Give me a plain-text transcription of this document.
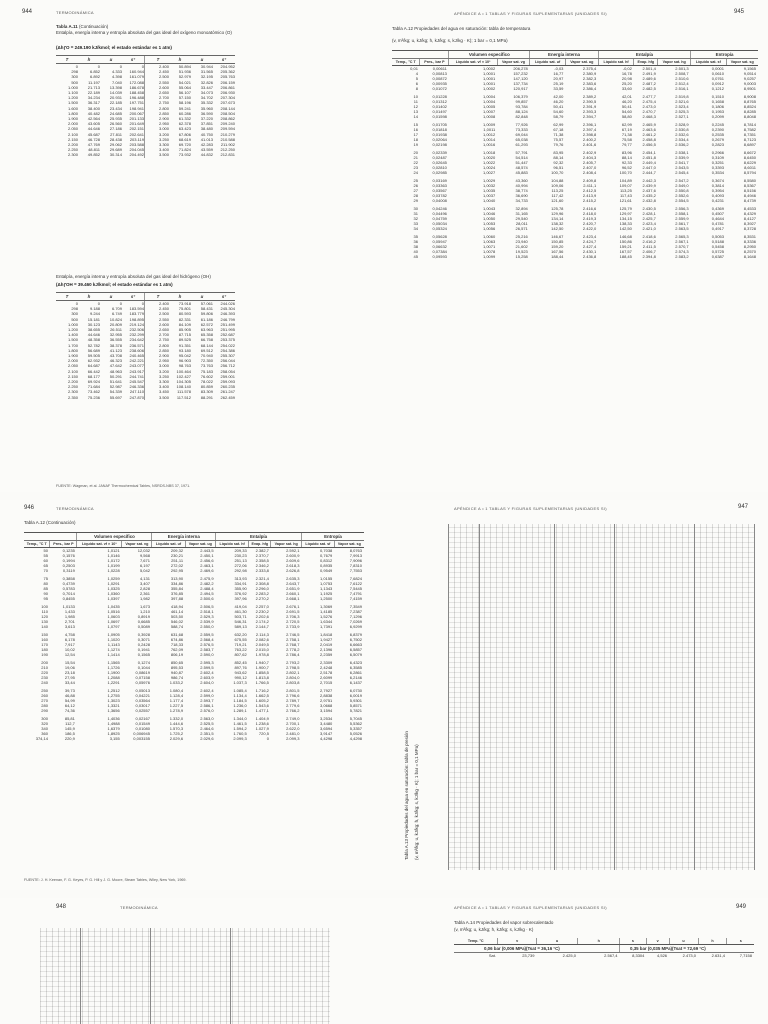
944	TERMODINÁMICA
Tabla A.11 (Continuación)
Entalpía, energía interna y entropía absoluta del gas ideal del oxígeno monoatómico (O)
(ΔhƒO = 249.190 kJ/kmol; el estado estándar es 1 atm)
T	h	u	s°	T	h	u	s°
0	0	0	0	2.400	50.894	30.944	204.952
298	6.852	4.333	160.944	2.450	51.936	31.565	205.362
300	6.892	4.398	161.079	2.500	52.979	32.195	205.763
500	11.197	7.040	172.088	2.550	54.021	32.826	206.159
1.000	21.713	13.398	186.678	2.600	55.064	33.447	206.861
1.100	22.189	14.039	188.458	2.650	56.107	34.073	206.930
1.200	34.234	20.931	196.488	2.700	57.150	34.702	207.304
1.500	36.317	22.185	197.751	2.750	58.196	35.332	207.673
1.600	38.400	23.434	198.941	2.800	59.241	35.960	208.144
1.800	40.482	24.685	200.067	2.850	60.286	36.590	208.504
1.900	42.564	25.935	201.133	2.900	61.332	37.220	208.862
2.000	43.605	26.560	201.649	2.950	62.378	37.851	209.240
2.050	44.646	27.186	202.151	3.000	63.423	38.480	209.594
2.100	45.687	27.811	202.641	3.200	67.806	40.750	210.279
2.150	46.728	28.438	203.119	3.250	68.619	41.013	210.588
2.200	47.769	29.062	203.588	3.300	69.720	42.283	211.902
2.250	48.811	29.689	204.045	3.400	71.824	43.559	212.250
2.300	49.852	30.314	204.492	3.500	73.932	44.832	212.831
Entalpía, energía interna y entropía absoluta del gas ideal del hidrógeno (OH)
(ΔhƒOH = 39.460 kJ/kmol; el estado estándar es 1 atm)
T	h	u	s°	T	h	u	s°
0	0	0	0	2.400	73.918	57.061	244.026
298	9.188	6.709	183.594	2.450	75.801	58.431	245.304
300	9.244	6.749	183.779	2.500	80.593	59.806	246.393
500	15.181	10.824	198.895	2.550	82.331	61.186	246.799
1.000	30.123	20.809	219.124	2.600	84.109	62.572	251.499
1.200	38.655	26.511	232.506	2.650	85.905	63.963	251.995
1.400	44.646	32.955	232.299	2.700	87.715	65.358	252.687
1.500	48.358	36.555	234.642	2.750	89.525	66.758	253.375
1.700	52.782	38.378	236.571	2.800	91.351	68.144	254.022
1.800	56.689	41.123	238.606	2.850	93.180	69.512	254.386
1.900	59.505	43.708	240.465	2.900	95.042	70.940	255.307
2.000	62.932	46.323	242.221	2.950	96.903	72.350	256.044
2.050	64.687	47.642	243.077	3.000	98.763	73.763	256.712
2.100	66.442	48.963	243.917	3.200	100.464	75.183	258.054
2.150	68.177	50.291	244.741	3.250	102.427	76.602	259.001
2.200	69.924	51.641	245.547	3.300	104.305	78.022	259.093
2.250	71.684	52.987	246.336	3.400	108.140	80.859	260.235
2.300	73.462	54.339	247.110	3.450	111.578	83.309	261.247
2.350	75.236	55.697	247.870	3.500	117.512	88.291	262.459
FUENTE: Wagman, et al. JANAF Thermochemical Tables, NSRDS-NBS 37, 1971.
APÉNDICE A • 1 TABLAS Y FIGURAS SUPLEMENTARIAS (UNIDADES SI)	945
Tabla A.12 Propiedades del agua en saturación: tabla de temperatura
(v, m³/kg; u, kJ/kg; h, kJ/kg; s, kJ/kg · K); 1 bar = 0,1 MPa)
		Volumen específico		Energía interna		Entalpía			Entropía	
Temp., °C T	Pres., bar P	Líquido sat. vf × 10³	Vapor sat. vg	Líquido sat. uf	Vapor sat. ug	Líquido sat. hf	Evap. hfg	Vapor sat. hg	Líquido sat. sf	Vapor sat. sg
0,01	0,00611	1,0002	206,278	-0,03	2.375,4	-0,02	2.501,4	2.501,3	0,0001	9,1565
4	0,00813	1,0001	157,232	16,77	2.380,9	16,78	2.491,9	2.508,7	0,0610	9,0514
5	0,00872	1,0001	147,120	20,97	2.382,3	20,98	2.489,6	2.510,6	0,0761	9,0257
6	0,00935	1,0001	137,734	25,19	2.383,6	25,20	2.487,2	2.512,4	0,0912	9,0003
8	0,01072	1,0002	120,917	33,59	2.386,4	33,60	2.482,5	2.516,1	0,1212	8,9501
10	0,01228	1,0004	106,379	42,00	2.389,2	42,01	2.477,7	2.519,8	0,1510	8,9008
11	0,01312	1,0004	99,857	46,20	2.390,5	46,20	2.475,4	2.521,6	0,1658	8,8765
12	0,01402	1,0005	93,784	50,41	2.391,9	50,41	2.473,0	2.523,4	0,1806	8,8524
13	0,01497	1,0007	88,124	54,60	2.393,3	54,60	2.470,7	2.525,3	0,1953	8,8285
14	0,01598	1,0008	82,848	58,79	2.394,7	58,80	2.468,3	2.527,1	0,2099	8,8048
15	0,01705	1,0009	77,926	62,99	2.396,1	62,99	2.465,9	2.528,9	0,2245	8,7814
16	0,01818	1,0011	73,333	67,18	2.397,4	67,19	2.463,6	2.530,8	0,2390	8,7582
17	0,01938	1,0012	69,044	71,38	2.398,8	71,38	2.461,2	2.532,6	0,2535	8,7351
18	0,02064	1,0014	65,038	75,57	2.400,2	75,58	2.458,8	2.534,4	0,2679	8,7123
19	0,02198	1,0016	61,293	79,76	2.401,6	79,77	2.456,5	2.536,2	0,2823	8,6897
20	0,02339	1,0018	57,791	83,95	2.402,9	83,96	2.454,1	2.538,1	0,2966	8,6672
21	0,02487	1,0020	54,514	88,14	2.404,3	88,14	2.451,8	2.539,9	0,3109	8,6450
22	0,02645	1,0022	51,447	92,32	2.405,7	92,33	2.449,4	2.541,7	0,3251	8,6229
23	0,02810	1,0024	48,574	96,51	2.407,0	96,52	2.447,0	2.543,5	0,3393	8,6011
24	0,02985	1,0027	45,883	100,70	2.408,4	100,70	2.444,7	2.545,4	0,3534	8,5794
25	0,03169	1,0029	43,360	104,88	2.409,8	104,89	2.442,3	2.547,2	0,3674	8,5580
26	0,03363	1,0032	40,994	109,06	2.411,1	109,07	2.439,9	2.549,0	0,3814	8,5367
27	0,03567	1,0035	38,774	113,25	2.412,5	113,25	2.437,6	2.550,8	0,3954	8,5156
28	0,03782	1,0037	36,690	117,42	2.413,9	117,43	2.435,2	2.552,6	0,4093	8,4946
29	0,04008	1,0040	34,733	121,60	2.415,2	121,61	2.432,8	2.554,5	0,4231	8,4739
30	0,04246	1,0043	32,894	125,78	2.416,6	125,79	2.430,5	2.556,3	0,4369	8,4533
31	0,04496	1,0046	31,165	129,96	2.418,0	129,97	2.428,1	2.558,1	0,4507	8,4329
32	0,04759	1,0050	29,540	134,14	2.419,3	134,15	2.425,7	2.559,9	0,4644	8,4127
33	0,05034	1,0053	28,011	138,32	2.420,7	138,33	2.423,4	2.561,7	0,4781	8,3927
34	0,05324	1,0056	26,571	142,50	2.422,0	142,50	2.421,0	2.563,5	0,4917	8,3728
35	0,05628	1,0060	25,216	146,67	2.423,4	146,68	2.418,6	2.565,3	0,5053	8,3531
36	0,05947	1,0063	23,940	150,85	2.424,7	150,86	2.416,2	2.567,1	0,5188	8,3336
38	0,06632	1,0071	21,602	159,20	2.427,4	159,21	2.411,5	2.570,7	0,5458	8,2950
40	0,07384	1,0078	19,523	167,56	2.430,1	167,57	2.406,7	2.574,3	0,5725	8,2570
45	0,09593	1,0099	15,258	188,44	2.436,8	188,45	2.394,8	2.583,2	0,6387	8,1648
946	TERMODINÁMICA
Tabla A.12 (Continuación)
		Volumen específico		Energía interna		Entalpía			Entropía	
Temp., °C T	Pres., bar P	Líquido sat. vf × 10³	Vapor sat. vg	Líquido sat. uf	Vapor sat. ug	Líquido sat. hf	Evap. hfg	Vapor sat. hg	Líquido sat. sf	Vapor sat. sg
50	0,1235	1,0121	12,032	209,32	2.443,5	209,33	2.382,7	2.592,1	0,7038	8,0763
55	0,1576	1,0146	9,568	230,21	2.450,1	230,23	2.370,7	2.600,9	0,7679	7,9913
60	0,1994	1,0172	7,671	251,11	2.456,6	251,13	2.358,5	2.609,6	0,8312	7,9096
65	0,2503	1,0199	6,197	272,02	2.463,1	272,06	2.346,2	2.618,3	0,8935	7,8310
70	0,3119	1,0228	5,042	292,95	2.469,6	292,98	2.333,8	2.626,8	0,9549	7,7553
75	0,3858	1,0259	4,131	313,90	2.475,9	313,93	2.321,4	2.635,3	1,0155	7,6824
80	0,4739	1,0291	3,407	334,86	2.482,2	334,91	2.308,8	2.643,7	1,0753	7,6122
85	0,5783	1,0325	2,828	355,84	2.488,4	355,90	2.296,0	2.651,9	1,1343	7,5445
90	0,7014	1,0360	2,361	376,85	2.494,5	376,92	2.283,2	2.660,1	1,1925	7,4791
95	0,8455	1,0397	1,982	397,88	2.500,6	397,96	2.270,2	2.668,1	1,2500	7,4159
100	1,0133	1,0435	1,673	418,94	2.506,5	419,04	2.257,0	2.676,1	1,3069	7,3549
110	1,433	1,0516	1,210	461,14	2.518,1	461,30	2.230,2	2.691,5	1,4185	7,2387
120	1,985	1,0603	0,8919	503,50	2.529,3	503,71	2.202,6	2.706,3	1,5276	7,1296
130	2,701	1,0697	0,6685	546,02	2.539,9	546,31	2.174,2	2.720,5	1,6344	7,0269
140	3,613	1,0797	0,5089	588,74	2.550,0	589,13	2.144,7	2.733,9	1,7391	6,9299
150	4,758	1,0905	0,3928	631,68	2.559,5	632,20	2.114,3	2.746,5	1,8418	6,8379
160	6,178	1,1020	0,3071	674,86	2.568,4	675,55	2.082,6	2.758,1	1,9427	6,7502
170	7,917	1,1143	0,2428	718,33	2.576,5	719,21	2.049,5	2.768,7	2,0419	6,6663
180	10,02	1,1274	0,1941	762,09	2.583,7	763,22	2.015,0	2.778,2	2,1396	6,5857
190	12,54	1,1414	0,1565	806,19	2.590,0	807,62	1.978,8	2.786,4	2,2359	6,5079
200	15,54	1,1565	0,1274	850,65	2.595,3	852,45	1.940,7	2.793,2	2,3309	6,4323
210	19,06	1,1726	0,1044	895,53	2.599,5	897,76	1.900,7	2.798,5	2,4248	6,3585
220	23,18	1,1900	0,08619	940,87	2.602,4	943,62	1.858,5	2.802,1	2,5178	6,2861
230	27,95	1,2088	0,07158	986,74	2.603,9	990,12	1.813,8	2.804,0	2,6099	6,2146
240	33,44	1,2291	0,05976	1.033,2	2.604,0	1.037,3	1.766,5	2.803,8	2,7015	6,1437
250	39,73	1,2512	0,05013	1.080,4	2.602,4	1.085,4	1.716,2	2.801,5	2,7927	6,0730
260	46,88	1,2755	0,04221	1.128,4	2.599,0	1.134,4	1.662,5	2.796,6	2,8838	6,0019
270	54,99	1,3023	0,03564	1.177,4	2.593,7	1.184,5	1.605,2	2.789,7	2,9751	5,9301
280	64,12	1,3321	0,03017	1.227,5	2.586,1	1.236,0	1.543,6	2.779,6	3,0668	5,8571
290	74,36	1,3656	0,02557	1.278,9	2.576,0	1.289,1	1.477,1	2.766,2	3,1594	5,7821
300	85,81	1,4036	0,02167	1.332,0	2.563,0	1.344,0	1.404,9	2.749,0	3,2534	5,7045
320	112,7	1,4988	0,01549	1.444,6	2.525,5	1.461,5	1.238,6	2.700,1	3,4480	5,5362
340	145,9	1,6379	0,01080	1.570,3	2.464,6	1.594,2	1.027,9	2.622,0	3,6594	5,3357
360	186,5	1,8925	0,006945	1.725,2	2.351,5	1.760,5	720,5	2.481,0	3,9147	5,0526
374,14	220,9	3,155	0,003155	2.029,6	2.029,6	2.099,3	0	2.099,3	4,4298	4,4298
FUENTE: J. H. Keenan, F. G. Keyes, P. G. Hill y J. G. Moore, Steam Tables, Wiley, New York, 1969.
APÉNDICE A • 1 TABLAS Y FIGURAS SUPLEMENTARIAS (UNIDADES SI)	947
Tabla A.13 Propiedades del agua en saturación: tabla de presión (v, m³/kg; u, kJ/kg; h, kJ/kg; s, kJ/kg · K); 1 bar = 0,1 MPa)
948	TERMODINÁMICA	APÉNDICE A • 1 TABLAS Y FIGURAS SUPLEMENTARIAS (UNIDADES SI)	949
Tabla A.14 Propiedades del vapor sobrecalentado
(v, m³/kg; u, kJ/kg; h, kJ/kg; s, kJ/kg · K)
Temp. °C							
	v	u	h	s	v	u	h	s
0,06 bar (0,006 MPa)(Tsat = 36,16 °C)				0,35 bar (0,035 MPa)(Tsat = 72,69 °C)				
Sat.	23,739	2.425,0	2.567,4	8,3304	4,526	2.473,0	2.631,4	7,7158
